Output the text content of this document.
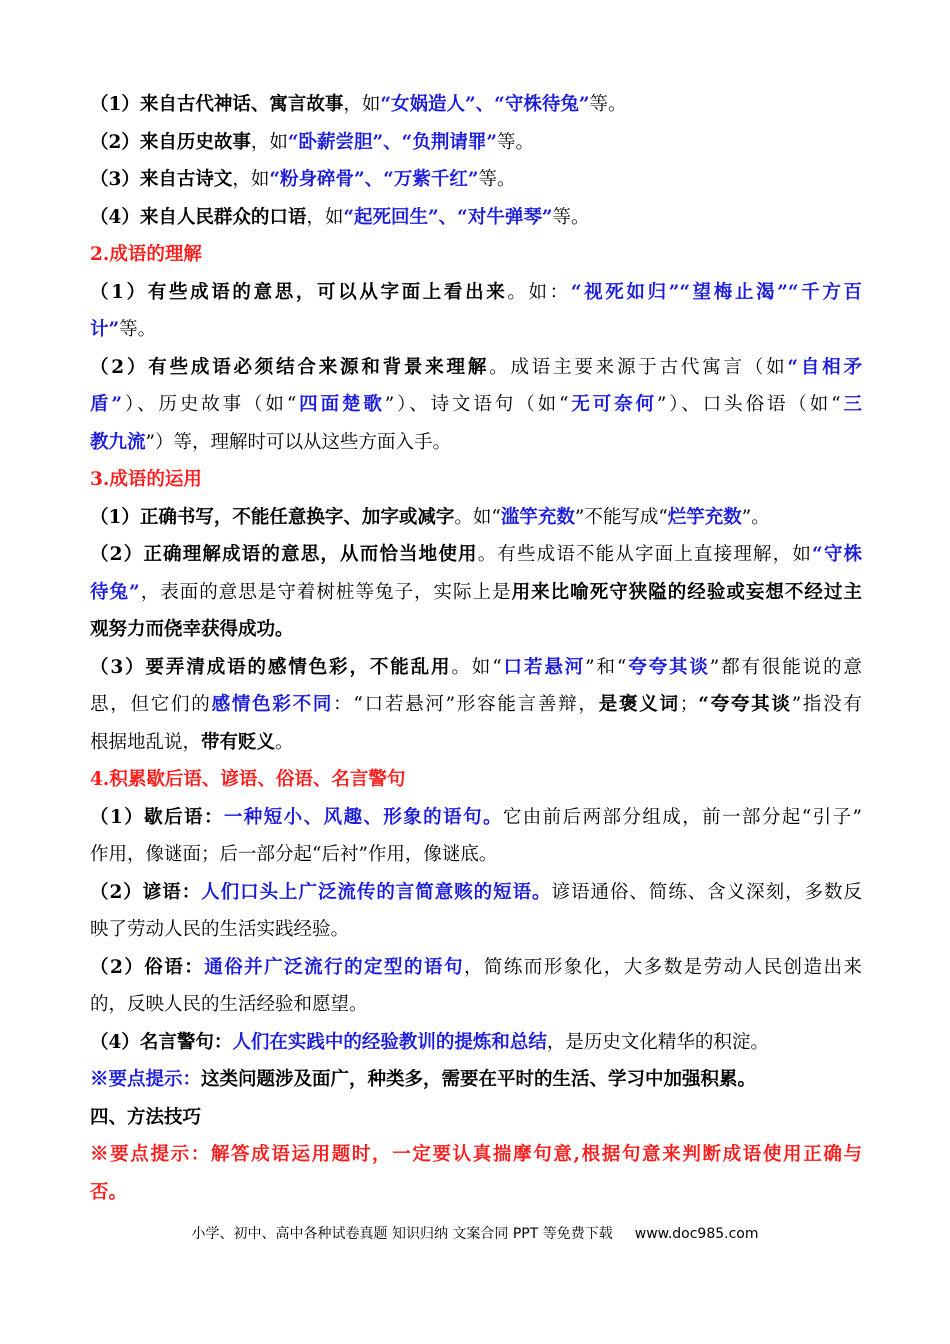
（1）来自古代神话、寓言故事，如“女娲造人”、“守株待兔”等。
（2）来自历史故事，如“卧薪尝胆”、“负荆请罪”等。
（3）来自古诗文，如“粉身碎骨”、“万紫千红”等。
（4）来自人民群众的口语，如“起死回生”、“对牛弹琴”等。
2.成语的理解
（1）有些成语的意思，可以从字面上看出来。如：“视死如归”“望梅止渴”“千方百
计”等。
（2）有些成语必须结合来源和背景来理解。成语主要来源于古代寓言（如“自相矛
盾”）、历史故事（如“四面楚歌”）、诗文语句（如“无可奈何”）、口头俗语（如“三
教九流”）等，理解时可以从这些方面入手。
3.成语的运用
（1）正确书写，不能任意换字、加字或减字。如“滥竽充数”不能写成“烂竽充数”。
（2）正确理解成语的意思，从而恰当地使用。有些成语不能从字面上直接理解，如“守株
待兔”，表面的意思是守着树桩等兔子，实际上是用来比喻死守狭隘的经验或妄想不经过主
观努力而侥幸获得成功。
（3）要弄清成语的感情色彩，不能乱用。如“口若悬河”和“夸夸其谈”都有很能说的意
思，但它们的感情色彩不同：“口若悬河”形容能言善辩，是褒义词；“夸夸其谈”指没有
根据地乱说，带有贬义。
4.积累歇后语、谚语、俗语、名言警句
（1）歇后语：一种短小、风趣、形象的语句。它由前后两部分组成，前一部分起“引子”
作用，像谜面；后一部分起“后衬”作用，像谜底。
（2）谚语：人们口头上广泛流传的言简意赅的短语。谚语通俗、简练、含义深刻，多数反
映了劳动人民的生活实践经验。
（2）俗语：通俗并广泛流行的定型的语句，简练而形象化，大多数是劳动人民创造出来
的，反映人民的生活经验和愿望。
（4）名言警句：人们在实践中的经验教训的提炼和总结，是历史文化精华的积淀。
※要点提示：这类问题涉及面广，种类多，需要在平时的生活、学习中加强积累。
四、方法技巧
※要点提示：解答成语运用题时，一定要认真揣摩句意,根据句意来判断成语使用正确与
否。
小学、初中、高中各种试卷真题 知识归纳 文案合同 PPT 等免费下载 www.doc985.com
